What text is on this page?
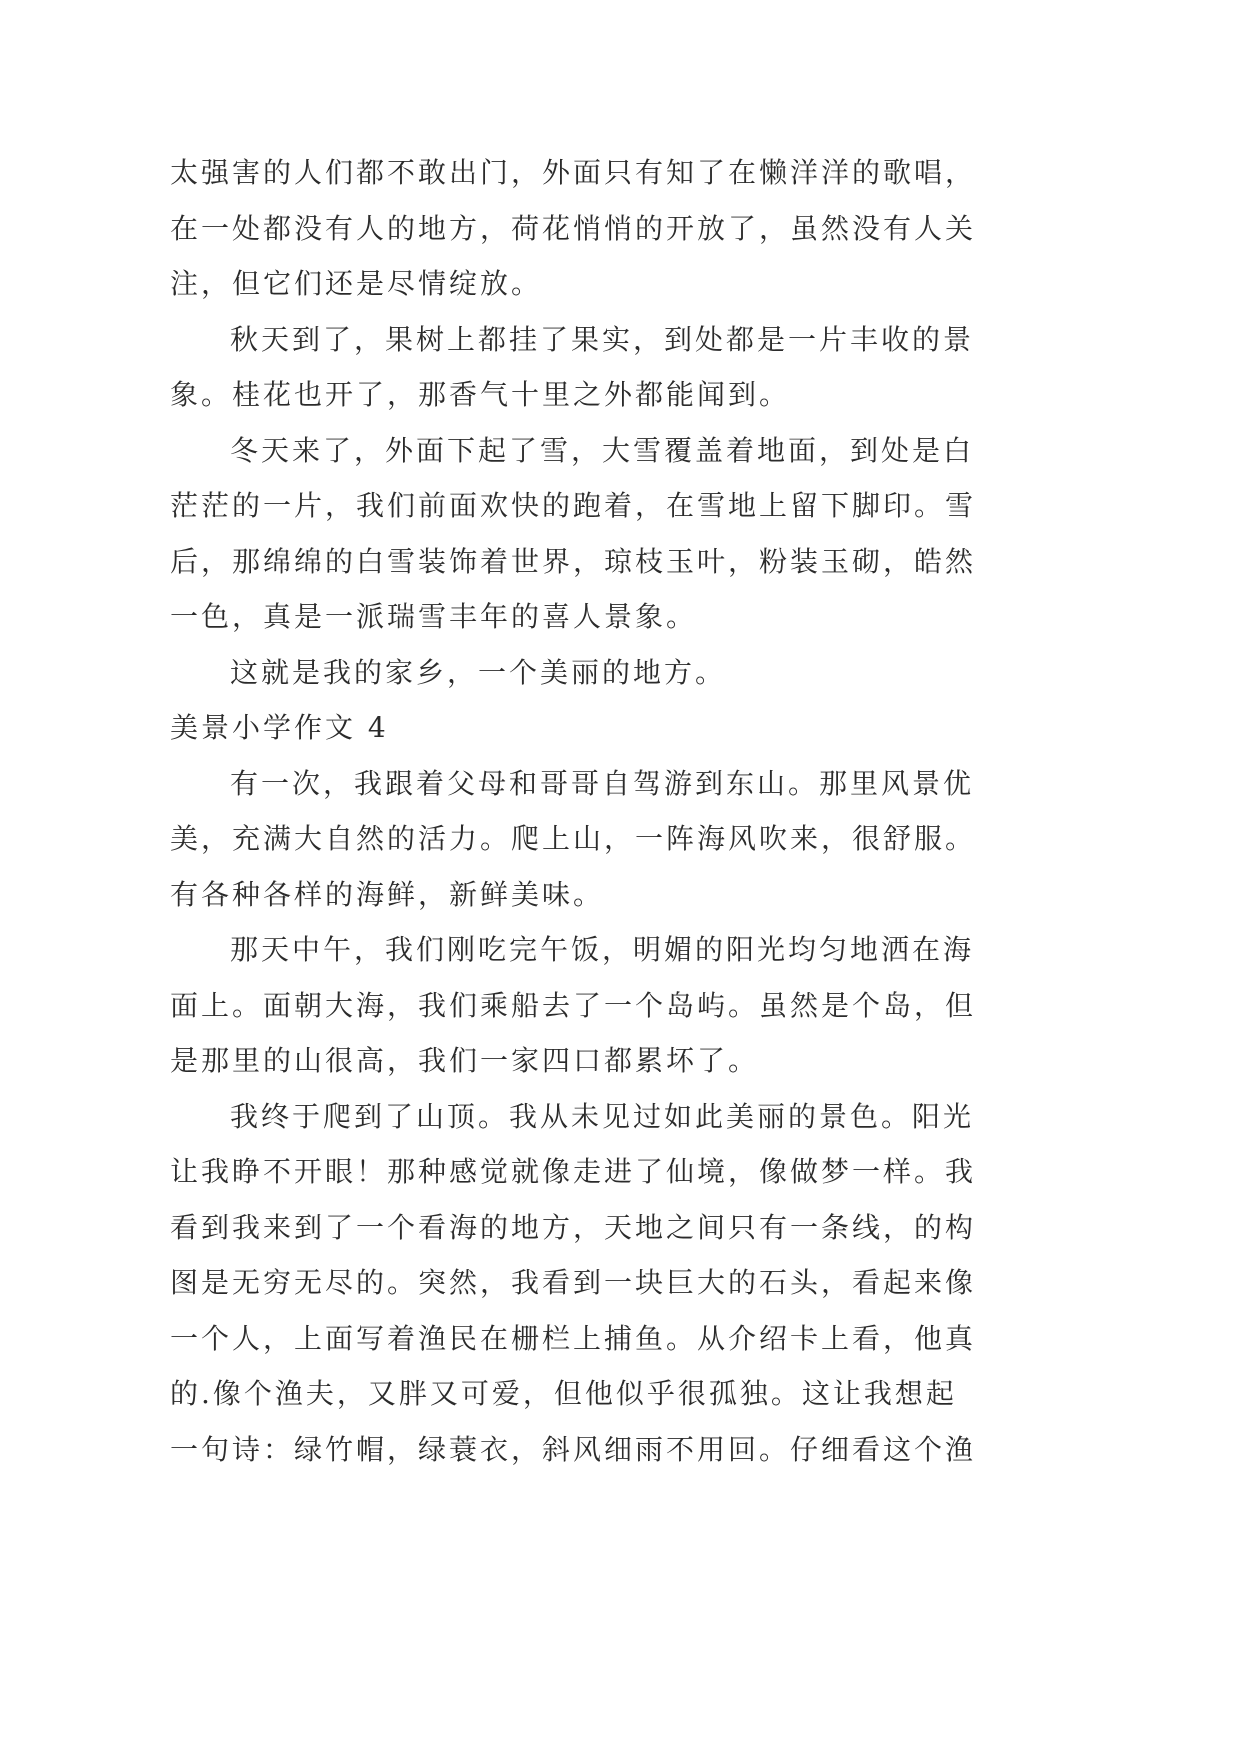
太强害的人们都不敢出门，外面只有知了在懒洋洋的歌唱，
在一处都没有人的地方，荷花悄悄的开放了，虽然没有人关
注，但它们还是尽情绽放。
秋天到了，果树上都挂了果实，到处都是一片丰收的景
象。桂花也开了，那香气十里之外都能闻到。
冬天来了，外面下起了雪，大雪覆盖着地面，到处是白
茫茫的一片，我们前面欢快的跑着，在雪地上留下脚印。雪
后，那绵绵的白雪装饰着世界，琼枝玉叶，粉装玉砌，皓然
一色，真是一派瑞雪丰年的喜人景象。
这就是我的家乡，一个美丽的地方。
美景小学作文 4
有一次，我跟着父母和哥哥自驾游到东山。那里风景优
美，充满大自然的活力。爬上山，一阵海风吹来，很舒服。
有各种各样的海鲜，新鲜美味。
那天中午，我们刚吃完午饭，明媚的阳光均匀地洒在海
面上。面朝大海，我们乘船去了一个岛屿。虽然是个岛，但
是那里的山很高，我们一家四口都累坏了。
我终于爬到了山顶。我从未见过如此美丽的景色。阳光
让我睁不开眼！那种感觉就像走进了仙境，像做梦一样。我
看到我来到了一个看海的地方，天地之间只有一条线，的构
图是无穷无尽的。突然，我看到一块巨大的石头，看起来像
一个人，上面写着渔民在栅栏上捕鱼。从介绍卡上看，他真
的.像个渔夫，又胖又可爱，但他似乎很孤独。这让我想起
一句诗：绿竹帽，绿蓑衣，斜风细雨不用回。仔细看这个渔
